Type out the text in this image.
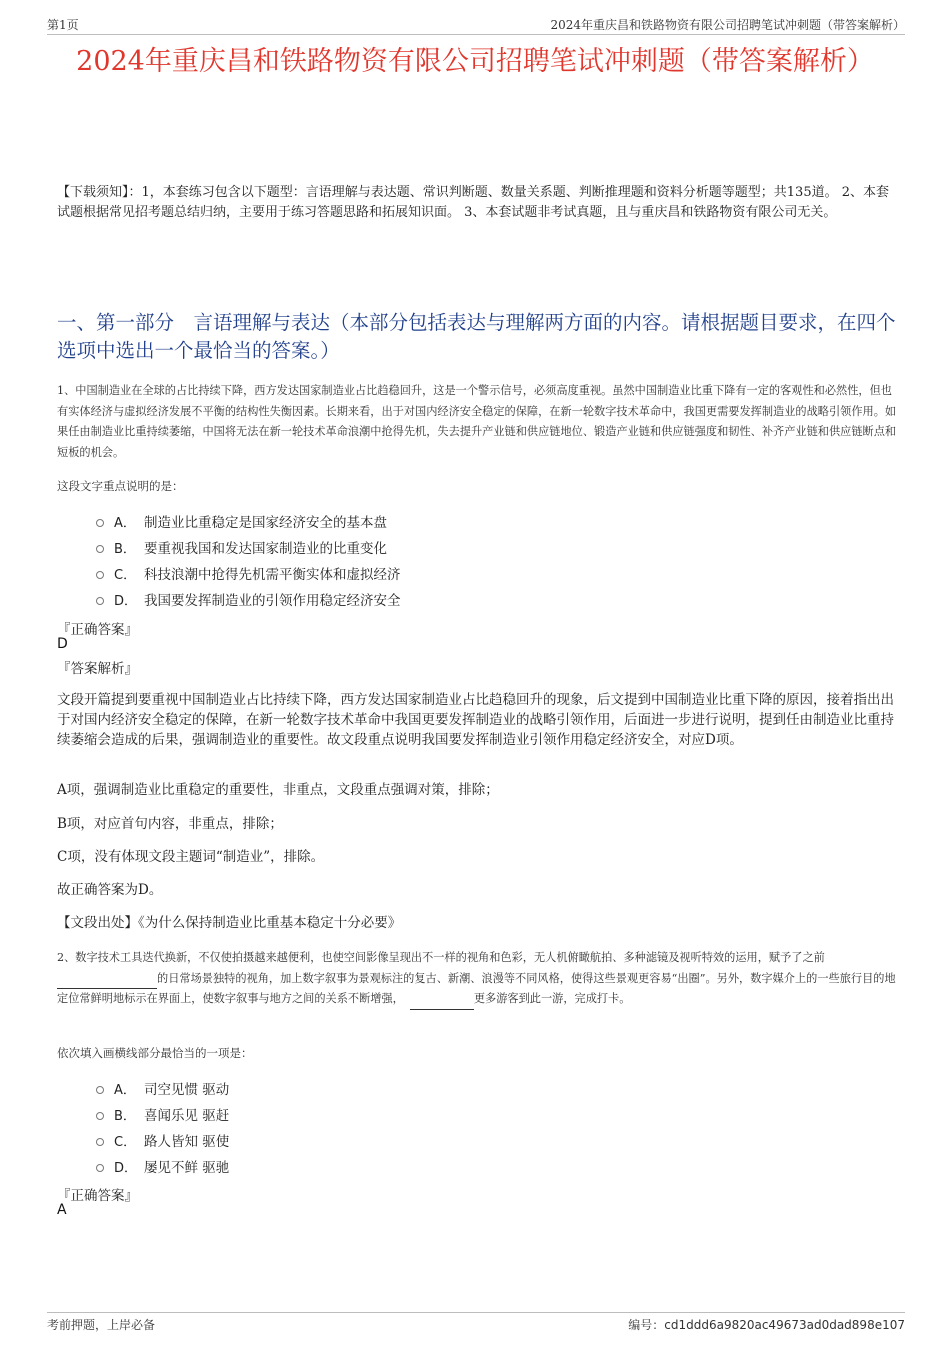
第1页	2024年重庆昌和铁路物资有限公司招聘笔试冲刺题（带答案解析）
2024年重庆昌和铁路物资有限公司招聘笔试冲刺题（带答案解析）
【下载须知】：1，本套练习包含以下题型：言语理解与表达题、常识判断题、数量关系题、判断推理题和资料分析题等题型；共135道。 2、本套试题根据常见招考题总结归纳，主要用于练习答题思路和拓展知识面。 3、本套试题非考试真题，且与重庆昌和铁路物资有限公司无关。
一、第一部分　言语理解与表达（本部分包括表达与理解两方面的内容。请根据题目要求，在四个选项中选出一个最恰当的答案。）
1、中国制造业在全球的占比持续下降，西方发达国家制造业占比趋稳回升，这是一个警示信号，必须高度重视。虽然中国制造业比重下降有一定的客观性和必然性，但也有实体经济与虚拟经济发展不平衡的结构性失衡因素。长期来看，出于对国内经济安全稳定的保障，在新一轮数字技术革命中，我国更需要发挥制造业的战略引领作用。如果任由制造业比重持续萎缩，中国将无法在新一轮技术革命浪潮中抢得先机，失去提升产业链和供应链地位、锻造产业链和供应链强度和韧性、补齐产业链和供应链断点和短板的机会。
这段文字重点说明的是：
A． 制造业比重稳定是国家经济安全的基本盘
B． 要重视我国和发达国家制造业的比重变化
C． 科技浪潮中抢得先机需平衡实体和虚拟经济
D． 我国要发挥制造业的引领作用稳定经济安全
『正确答案』
D
『答案解析』
文段开篇提到要重视中国制造业占比持续下降，西方发达国家制造业占比趋稳回升的现象，后文提到中国制造业比重下降的原因，接着指出出于对国内经济安全稳定的保障，在新一轮数字技术革命中我国更要发挥制造业的战略引领作用，后面进一步进行说明，提到任由制造业比重持续萎缩会造成的后果，强调制造业的重要性。故文段重点说明我国要发挥制造业引领作用稳定经济安全，对应D项。
A项，强调制造业比重稳定的重要性，非重点，文段重点强调对策，排除；
B项，对应首句内容，非重点，排除；
C项，没有体现文段主题词“制造业”，排除。
故正确答案为D。
【文段出处】《为什么保持制造业比重基本稳定十分必要》
2、数字技术工具迭代换新，不仅使拍摄越来越便利，也使空间影像呈现出不一样的视角和色彩，无人机俯瞰航拍、多种滤镜及视听特效的运用，赋予了之前的日常场景独特的视角，加上数字叙事为景观标注的复古、新潮、浪漫等不同风格，使得这些景观更容易“出圈”。另外，数字媒介上的一些旅行目的地定位常鲜明地标示在界面上，使数字叙事与地方之间的关系不断增强，	更多游客到此一游，完成打卡。
依次填入画横线部分最恰当的一项是：
A． 司空见惯 驱动
B． 喜闻乐见 驱赶
C． 路人皆知 驱使
D． 屡见不鲜 驱驰
『正确答案』
A
考前押题，上岸必备	编号：cd1ddd6a9820ac49673ad0dad898e107
